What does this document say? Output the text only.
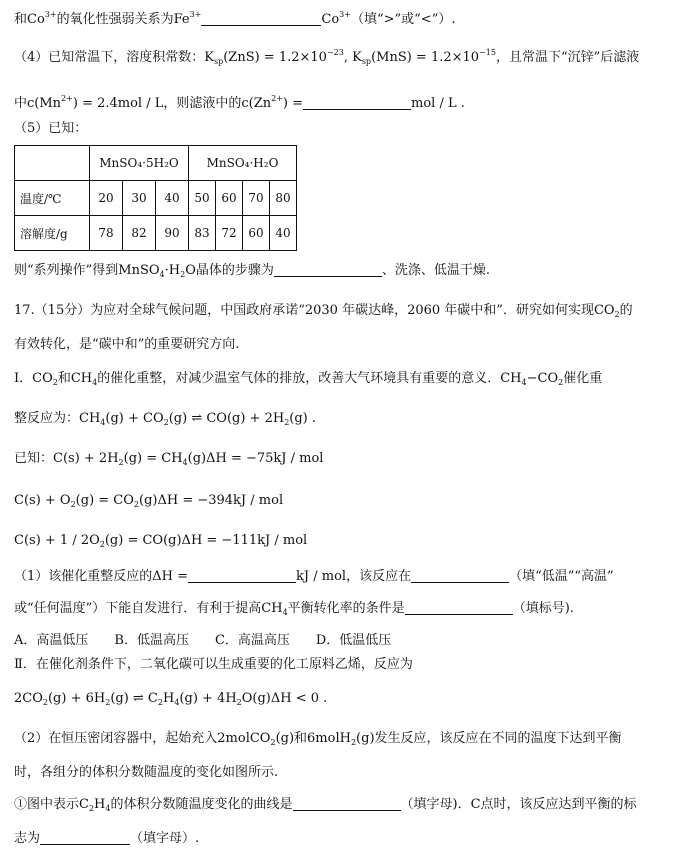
和$Co^{3+}$的氧化性强弱关系为$Fe^{3+}$	$Co^{3+}$（填“>”或“<”）.
（4）已知常温下，溶度积常数：$K_{sp}(ZnS) = 1.2\times 10^{-23}$, $K_{sp}(MnS) = 1.2\times 10^{-15}$，且常温下“沉锌”后滤液
中$c(Mn^{2+}) = 2.4mol / L$，则滤液中的$c(Zn^{2+})$ =	mol / L .
（5）已知：
则“系列操作”得到$MnSO_4\cdot H_2O$晶体的步骤为	、洗涤、低温干燥.
17.（15分）为应对全球气候问题，中国政府承诺“2030 年碳达峰，2060 年碳中和”．研究如何实现$CO_2$的
有效转化，是“碳中和”的重要研究方向.
Ⅰ．$CO_2$和$CH_4$的催化重整，对减少温室气体的排放，改善大气环境具有重要的意义．$CH_4-CO_2$催化重
整反应为：$CH_4(g) + CO_2(g)$ ⇌ $CO(g) + 2H_2(g)$ .
已知：$C(s) + 2H_2(g) = CH_4(g)\Delta H = -75kJ$ / mol
$C(s) + O_2(g) = CO_2(g)\Delta H = -394kJ$ / mol
$C(s) + 1 / 2O_2(g) = CO(g)\Delta H = -111kJ$ / mol
（1）该催化重整反应的ΔH =	kJ / mol，该反应在	（填“低温”“高温”
或“任何温度”）下能自发进行．有利于提高$CH_4$平衡转化率的条件是	（填标号).
A．高温低压　　B．低温高压　　C．高温高压　　D．低温低压
Ⅱ．在催化剂条件下，二氧化碳可以生成重要的化工原料乙烯，反应为
$2CO_2(g) + 6H_2(g)$ ⇌ $C_2H_4(g) + 4H_2O(g)\Delta H < 0$ .
（2）在恒压密闭容器中，起始充入2molCO$_2$(g)和6molH$_2$(g)发生反应，该反应在不同的温度下达到平衡
时，各组分的体积分数随温度的变化如图所示.
①图中表示$C_2H_4$的体积分数随温度变化的曲线是	（填字母)．C点时，该反应达到平衡的标
志为	（填字母）.
	MnSO₄·5H₂O			MnSO₄·H₂O			
温度/℃	20	30	40	50	60	70	80
溶解度/g	78	82	90	83	72	60	40
